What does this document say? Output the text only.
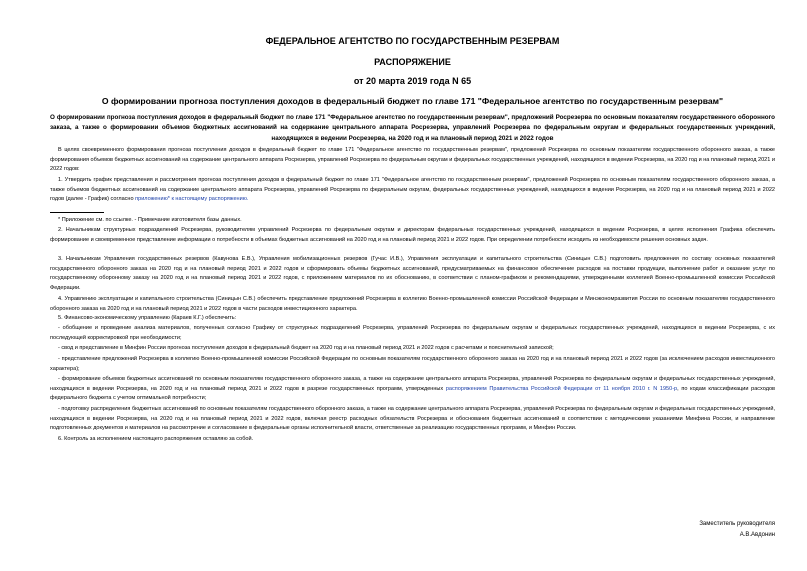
ФЕДЕРАЛЬНОЕ АГЕНТСТВО ПО ГОСУДАРСТВЕННЫМ РЕЗЕРВАМ
РАСПОРЯЖЕНИЕ
от 20 марта 2019 года N 65
О формировании прогноза поступления доходов в федеральный бюджет по главе 171 "Федеральное агентство по государственным резервам"
О формировании прогноза поступления доходов в федеральный бюджет по главе 171 "Федеральное агентство по государственным резервам", предложений Росрезерва по основным показателям государственного оборонного заказа, а также о формировании объемов бюджетных ассигнований на содержание центрального аппарата Росрезерва, управлений Росрезерва по федеральным округам и федеральных государственных учреждений, находящихся в ведении Росрезерва, на 2020 год и на плановый период 2021 и 2022 годов

В целях своевременного формирования прогноза поступления доходов в федеральный бюджет по главе 171 "Федеральное агентство по государственным резервам", предложений Росрезерва по основным показателям государственного оборонного заказа, а также формирования объемов бюджетных ассигнований на содержание центрального аппарата Росрезерва, управлений Росрезерва по федеральным округам и федеральных государственных учреждений, находящихся в ведении Росрезерва, на 2020 год и на плановый период 2021 и 2022 годов:

1. Утвердить график представления и рассмотрения прогноза поступления доходов в федеральный бюджет по главе 171 "Федеральное агентство по государственным резервам", предложений Росрезерва по основным показателям государственного оборонного заказа, а также объемов бюджетных ассигнований на содержание центрального аппарата Росрезерва, управлений Росрезерва по федеральным округам, федеральных государственных учреждений, находящихся в ведении Росрезерва, на 2020 год и на плановый период 2021 и 2022 годов (далее - График) согласно приложению* к настоящему распоряжению.

* Приложение см. по ссылке. - Примечание изготовителя базы данных.

2. Начальникам структурных подразделений Росрезерва, руководителям управлений Росрезерва по федеральным округам и директорам федеральных государственных учреждений, находящихся в ведении Росрезерва, в целях исполнения Графика обеспечить формирование и своевременное представление информации о потребности в объемах бюджетных ассигнований на 2020 год и на плановый период 2021 и 2022 годов. При определении потребности исходить из необходимости решения основных задач.

3. Начальникам Управления государственных резервов (Кавунова Е.В.), Управления мобилизационных резервов (Гучас И.В.), Управления эксплуатации и капитального строительства (Синицын С.В.) подготовить предложения по составу основных показателей государственного оборонного заказа на 2020 год и на плановый период 2021 и 2022 годов и сформировать объемы бюджетных ассигнований, предусматриваемых на финансовое обеспечение расходов на поставки продукции, выполнение работ и оказание услуг по государственному оборонному заказу на 2020 год и на плановый период 2021 и 2022 годов, с приложением материалов по их обоснованию, в соответствии с планом-графиком и рекомендациями, утвержденными коллегией Военно-промышленной комиссии Российской Федерации.

4. Управлению эксплуатации и капитального строительства (Синицын С.В.) обеспечить представление предложений Росрезерва в коллегию Военно-промышленной комиссии Российской Федерации и Минэкономразвития России по основным показателям государственного оборонного заказа на 2020 год и на плановый период 2021 и 2022 годов в части расходов инвестиционного характера.

5. Финансово-экономическому управлению (Караев К.Г.) обеспечить:

- обобщение и проведение анализа материалов, полученных согласно Графику от структурных подразделений Росрезерва, управлений Росрезерва по федеральным округам и федеральных государственных учреждений, находящихся в ведении Росрезерва, с их последующей корректировкой при необходимости;

- свод и представление в Минфин России прогноза поступления доходов в федеральный бюджет на 2020 год и на плановый период 2021 и 2022 годов с расчетами и пояснительной запиской;

- представление предложений Росрезерва в коллегию Военно-промышленной комиссии Российской Федерации по основным показателям государственного оборонного заказа на 2020 год и на плановый период 2021 и 2022 годов (за исключением расходов инвестиционного характера);

- формирование объемов бюджетных ассигнований по основным показателям государственного оборонного заказа, а также на содержание центрального аппарата Росрезерва, управлений Росрезерва по федеральным округам и федеральных государственных учреждений, находящихся в ведении Росрезерва, на 2020 год и на плановый период 2021 и 2022 годов в разрезе государственных программ, утвержденных распоряжением Правительства Российской Федерации от 11 ноября 2010 г. N 1950-р, по кодам классификации расходов федерального бюджета с учетом оптимальной потребности;

- подготовку распределения бюджетных ассигнований по основным показателям государственного оборонного заказа, а также на содержание центрального аппарата Росрезерва, управлений Росрезерва по федеральным округам и федеральных государственных учреждений, находящихся в ведении Росрезерва, на 2020 год и на плановый период 2021 и 2022 годов, включая реестр расходных обязательств Росрезерва и обоснования бюджетных ассигнований в соответствии с методическими указаниями Минфина России, и направление подготовленных документов и материалов на рассмотрение и согласование в федеральные органы исполнительной власти, ответственные за реализацию государственных программ, и Минфин России.

6. Контроль за исполнением настоящего распоряжения оставляю за собой.

Заместитель руководителя
А.В.Авдонин
